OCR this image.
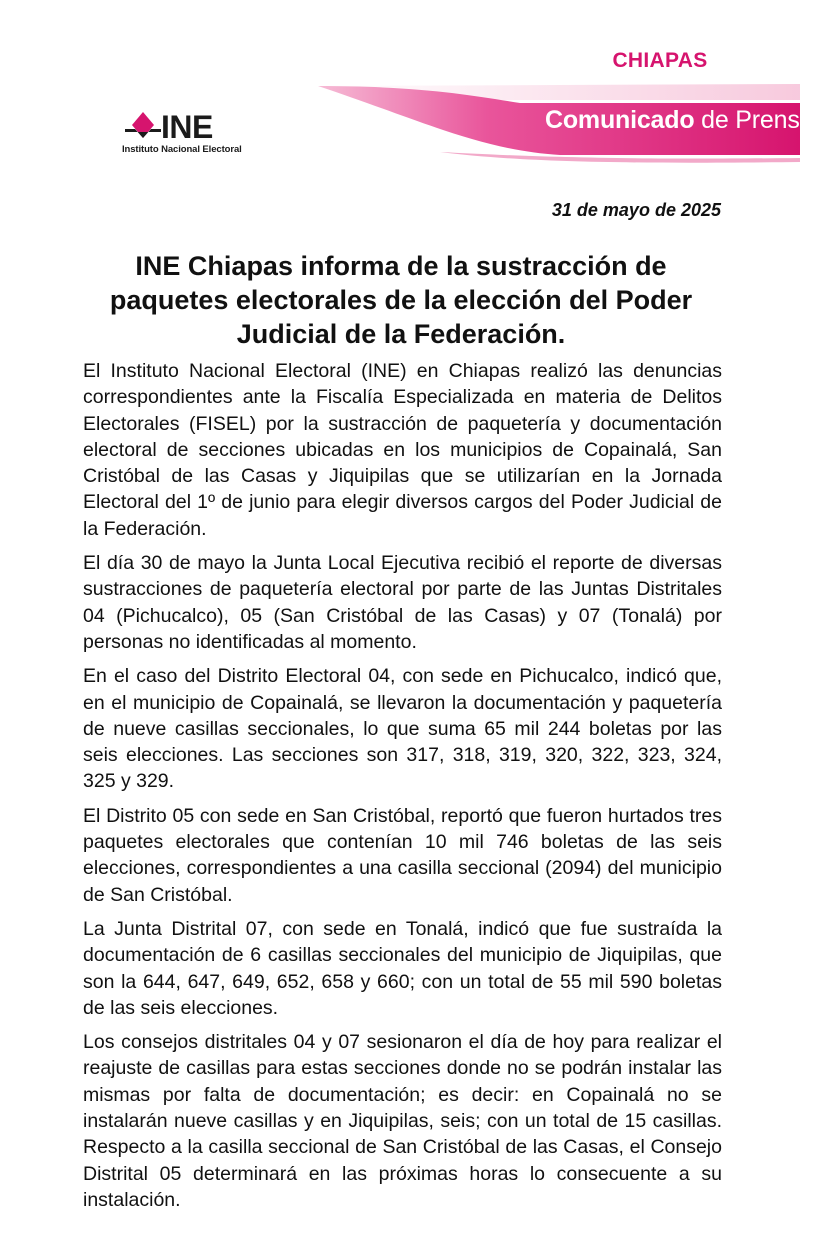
CHIAPAS
INE
Instituto Nacional Electoral
Comunicado de Prensa
31 de mayo de 2025
INE Chiapas informa de la sustracción de paquetes electorales de la elección del Poder Judicial de la Federación.

El Instituto Nacional Electoral (INE) en Chiapas realizó las denuncias correspondientes ante la Fiscalía Especializada en materia de Delitos Electorales (FISEL) por la sustracción de paquetería y documentación electoral de secciones ubicadas en los municipios de Copainalá, San Cristóbal de las Casas y Jiquipilas que se utilizarían en la Jornada Electoral del 1º de junio para elegir diversos cargos del Poder Judicial de la Federación.

El día 30 de mayo la Junta Local Ejecutiva recibió el reporte de diversas sustracciones de paquetería electoral por parte de las Juntas Distritales 04 (Pichucalco), 05 (San Cristóbal de las Casas) y 07 (Tonalá) por personas no identificadas al momento.

En el caso del Distrito Electoral 04, con sede en Pichucalco, indicó que, en el municipio de Copainalá, se llevaron la documentación y paquetería de nueve casillas seccionales, lo que suma 65 mil 244 boletas por las seis elecciones. Las secciones son 317, 318, 319, 320, 322, 323, 324, 325 y 329.

El Distrito 05 con sede en San Cristóbal, reportó que fueron hurtados tres paquetes electorales que contenían 10 mil 746 boletas de las seis elecciones, correspondientes a una casilla seccional (2094) del municipio de San Cristóbal.

La Junta Distrital 07, con sede en Tonalá, indicó que fue sustraída la documentación de 6 casillas seccionales del municipio de Jiquipilas, que son la 644, 647, 649, 652, 658 y 660; con un total de 55 mil 590 boletas de las seis elecciones.

Los consejos distritales 04 y 07 sesionaron el día de hoy para realizar el reajuste de casillas para estas secciones donde no se podrán instalar las mismas por falta de documentación; es decir: en Copainalá no se instalarán nueve casillas y en Jiquipilas, seis; con un total de 15 casillas. Respecto a la casilla seccional de San Cristóbal de las Casas, el Consejo Distrital 05 determinará en las próximas horas lo consecuente a su instalación.
